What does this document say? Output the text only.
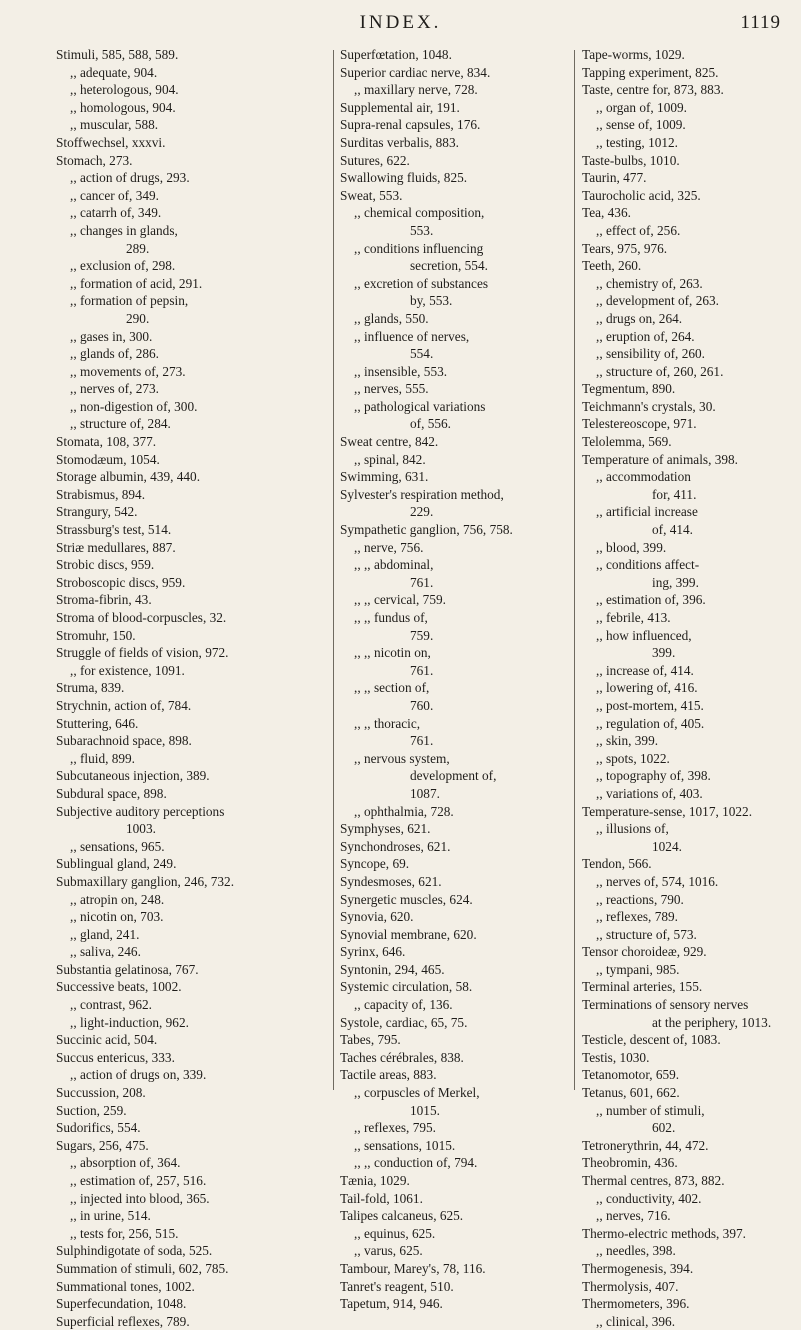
INDEX.	1119
Stimuli, 585, 588, 589.
,, adequate, 904.
,, heterologous, 904.
,, homologous, 904.
,, muscular, 588.
Stoffwechsel, xxxvi.
Stomach, 273.
,, action of drugs, 293.
,, cancer of, 349.
,, catarrh of, 349.
,, changes in glands,
289.
,, exclusion of, 298.
,, formation of acid, 291.
,, formation of pepsin,
290.
,, gases in, 300.
,, glands of, 286.
,, movements of, 273.
,, nerves of, 273.
,, non-digestion of, 300.
,, structure of, 284.
Stomata, 108, 377.
Stomodæum, 1054.
Storage albumin, 439, 440.
Strabismus, 894.
Strangury, 542.
Strassburg's test, 514.
Striæ medullares, 887.
Strobic discs, 959.
Stroboscopic discs, 959.
Stroma-fibrin, 43.
Stroma of blood-corpuscles, 32.
Stromuhr, 150.
Struggle of fields of vision, 972.
,, for existence, 1091.
Struma, 839.
Strychnin, action of, 784.
Stuttering, 646.
Subarachnoid space, 898.
,, fluid, 899.
Subcutaneous injection, 389.
Subdural space, 898.
Subjective auditory perceptions
1003.
,, sensations, 965.
Sublingual gland, 249.
Submaxillary ganglion, 246, 732.
,, atropin on, 248.
,, nicotin on, 703.
,, gland, 241.
,, saliva, 246.
Substantia gelatinosa, 767.
Successive beats, 1002.
,, contrast, 962.
,, light-induction, 962.
Succinic acid, 504.
Succus entericus, 333.
,, action of drugs on, 339.
Succussion, 208.
Suction, 259.
Sudorifics, 554.
Sugars, 256, 475.
,, absorption of, 364.
,, estimation of, 257, 516.
,, injected into blood, 365.
,, in urine, 514.
,, tests for, 256, 515.
Sulphindigotate of soda, 525.
Summation of stimuli, 602, 785.
Summational tones, 1002.
Superfecundation, 1048.
Superficial reflexes, 789.
Superfœtation, 1048.
Superior cardiac nerve, 834.
,, maxillary nerve, 728.
Supplemental air, 191.
Supra-renal capsules, 176.
Surditas verbalis, 883.
Sutures, 622.
Swallowing fluids, 825.
Sweat, 553.
,, chemical composition,
553.
,, conditions influencing
secretion, 554.
,, excretion of substances
by, 553.
,, glands, 550.
,, influence of nerves,
554.
,, insensible, 553.
,, nerves, 555.
,, pathological variations
of, 556.
Sweat centre, 842.
,, spinal, 842.
Swimming, 631.
Sylvester's respiration method,
229.
Sympathetic ganglion, 756, 758.
,, nerve, 756.
,, ,, abdominal,
761.
,, ,, cervical, 759.
,, ,, fundus of,
759.
,, ,, nicotin on,
761.
,, ,, section of,
760.
,, ,, thoracic,
761.
,, nervous system,
development of,
1087.
,, ophthalmia, 728.
Symphyses, 621.
Synchondroses, 621.
Syncope, 69.
Syndesmoses, 621.
Synergetic muscles, 624.
Synovia, 620.
Synovial membrane, 620.
Syrinx, 646.
Syntonin, 294, 465.
Systemic circulation, 58.
,, capacity of, 136.
Systole, cardiac, 65, 75.
Tabes, 795.
Taches cérébrales, 838.
Tactile areas, 883.
,, corpuscles of Merkel,
1015.
,, reflexes, 795.
,, sensations, 1015.
,, ,, conduction of, 794.
Tænia, 1029.
Tail-fold, 1061.
Talipes calcaneus, 625.
,, equinus, 625.
,, varus, 625.
Tambour, Marey's, 78, 116.
Tanret's reagent, 510.
Tapetum, 914, 946.
Tape-worms, 1029.
Tapping experiment, 825.
Taste, centre for, 873, 883.
,, organ of, 1009.
,, sense of, 1009.
,, testing, 1012.
Taste-bulbs, 1010.
Taurin, 477.
Taurocholic acid, 325.
Tea, 436.
,, effect of, 256.
Tears, 975, 976.
Teeth, 260.
,, chemistry of, 263.
,, development of, 263.
,, drugs on, 264.
,, eruption of, 264.
,, sensibility of, 260.
,, structure of, 260, 261.
Tegmentum, 890.
Teichmann's crystals, 30.
Telestereoscope, 971.
Telolemma, 569.
Temperature of animals, 398.
,, accommodation
for, 411.
,, artificial increase
of, 414.
,, blood, 399.
,, conditions affect-
ing, 399.
,, estimation of, 396.
,, febrile, 413.
,, how influenced,
399.
,, increase of, 414.
,, lowering of, 416.
,, post-mortem, 415.
,, regulation of, 405.
,, skin, 399.
,, spots, 1022.
,, topography of, 398.
,, variations of, 403.
Temperature-sense, 1017, 1022.
,, illusions of,
1024.
Tendon, 566.
,, nerves of, 574, 1016.
,, reactions, 790.
,, reflexes, 789.
,, structure of, 573.
Tensor choroideæ, 929.
,, tympani, 985.
Terminal arteries, 155.
Terminations of sensory nerves
at the periphery, 1013.
Testicle, descent of, 1083.
Testis, 1030.
Tetanomotor, 659.
Tetanus, 601, 662.
,, number of stimuli,
602.
Tetronerythrin, 44, 472.
Theobromin, 436.
Thermal centres, 873, 882.
,, conductivity, 402.
,, nerves, 716.
Thermo-electric methods, 397.
,, needles, 398.
Thermogenesis, 394.
Thermolysis, 407.
Thermometers, 396.
,, clinical, 396.
